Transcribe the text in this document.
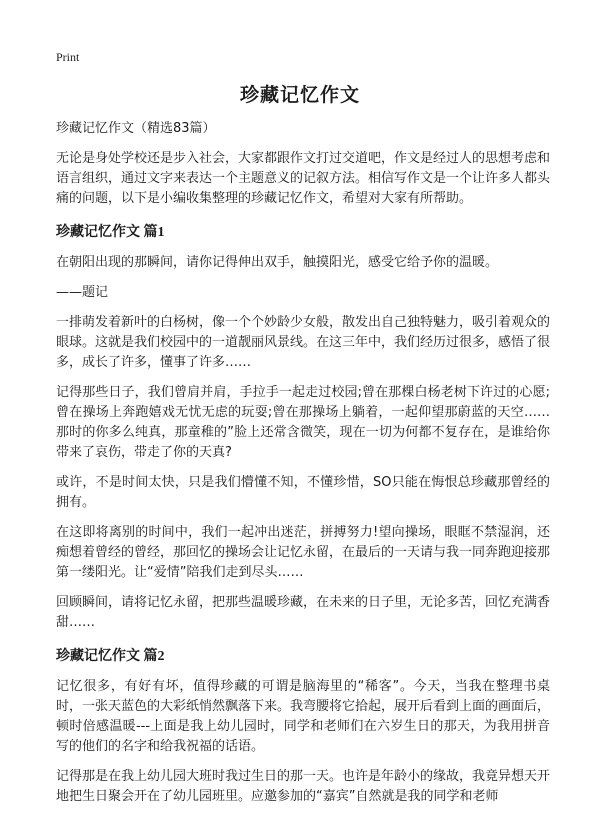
Print
珍藏记忆作文
珍藏记忆作文（精选83篇）

无论是身处学校还是步入社会，大家都跟作文打过交道吧，作文是经过人的思想考虑和语言组织，通过文字来表达一个主题意义的记叙方法。相信写作文是一个让许多人都头痛的问题，以下是小编收集整理的珍藏记忆作文，希望对大家有所帮助。

珍藏记忆作文 篇1

在朝阳出现的那瞬间，请你记得伸出双手，触摸阳光，感受它给予你的温暖。

——题记

一排萌发着新叶的白杨树，像一个个妙龄少女般，散发出自己独特魅力，吸引着观众的眼球。这就是我们校园中的一道靓丽风景线。在这三年中，我们经历过很多，感悟了很多，成长了许多，懂事了许多……

记得那些日子，我们曾肩并肩，手拉手一起走过校园;曾在那棵白杨老树下许过的心愿;曾在操场上奔跑嬉戏无忧无虑的玩耍;曾在那操场上躺着，一起仰望那蔚蓝的天空……那时的你多么纯真，那童稚的”脸上还常含微笑，现在一切为何都不复存在，是谁给你带来了哀伤，带走了你的天真?

或许，不是时间太快，只是我们懵懂不知，不懂珍惜，SO只能在悔恨总珍藏那曾经的拥有。

在这即将离别的时间中，我们一起冲出迷茫，拼搏努力!望向操场，眼眶不禁湿润，还痴想着曾经的曾经，那回忆的操场会让记忆永留，在最后的一天请与我一同奔跑迎接那第一缕阳光。让“爱情”陪我们走到尽头……

回顾瞬间，请将记忆永留，把那些温暖珍藏，在未来的日子里，无论多苦，回忆充满香甜……

珍藏记忆作文 篇2

记忆很多，有好有坏，值得珍藏的可谓是脑海里的“稀客”。今天，当我在整理书桌时，一张天蓝色的大彩纸悄然飘落下来。我弯腰将它拾起，展开后看到上面的画面后，顿时倍感温暖---上面是我上幼儿园时，同学和老师们在六岁生日的那天，为我用拼音写的他们的名字和给我祝福的话语。

记得那是在我上幼儿园大班时我过生日的那一天。也许是年龄小的缘故，我竟异想天开地把生日聚会开在了幼儿园班里。应邀参加的“嘉宾”自然就是我的同学和老师
